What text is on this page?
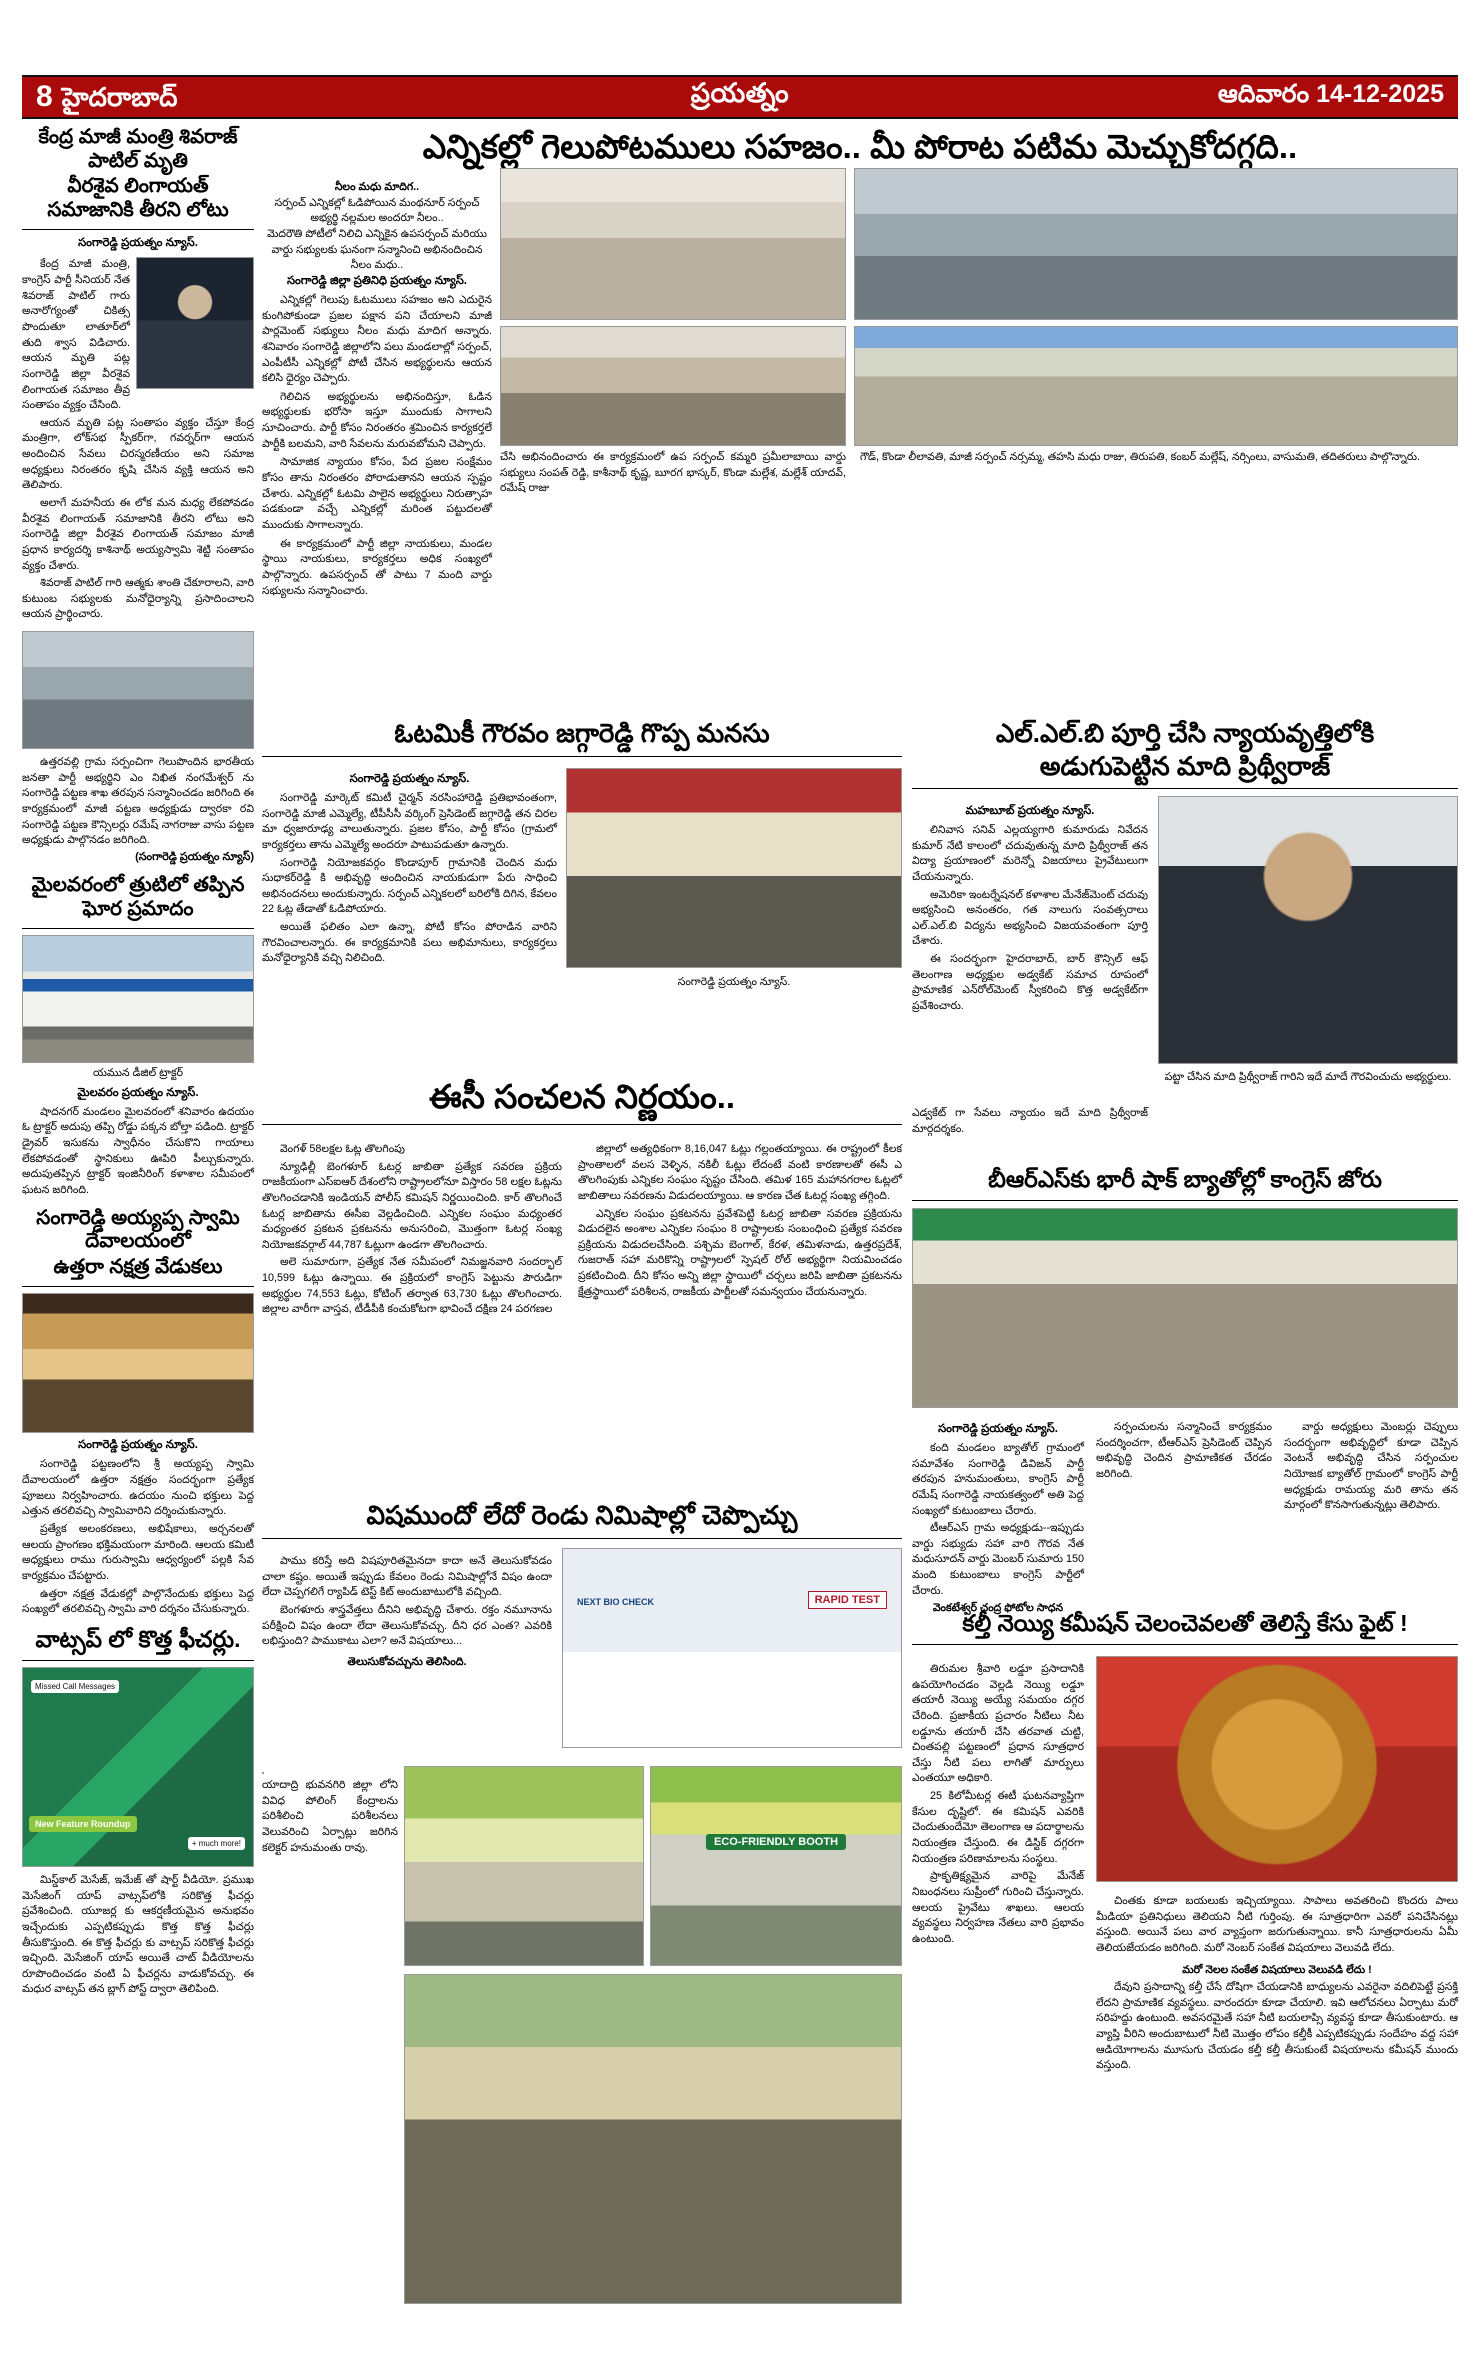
8 హైదరాబాద్	ప్రయత్నం	ఆదివారం 14-12-2025
ఎన్నికల్లో గెలుపోటములు సహజం.. మీ పోరాట పటిమ మెచ్చుకోదగ్గది..
నీలం మధు మాదిగ..
సర్పంచ్ ఎన్నికల్లో ఓడిపోయిన మంథనూర్ సర్పంచ్ అభ్యర్థి నల్లమల అందరూ నీలం..
మెదరౌతి పోటీలో నిలిచి ఎన్నికైన ఉపసర్పంచ్ మరియు వార్డు సభ్యులకు ఘనంగా సన్మానించి అభినందించిన నీలం మధు..
సంగారెడ్డి జిల్లా ప్రతినిధి ప్రయత్నం న్యూస్.

ఎన్నికల్లో గెలుపు ఓటములు సహజం అని ఎదురైన కుంగిపోకుండా ప్రజల పక్షాన పని చేయాలని మాజీ పార్లమెంట్ సభ్యులు నీలం మధు మాదిగ అన్నారు. శనివారం సంగారెడ్డి జిల్లాలోని పలు మండలాల్లో సర్పంచ్, ఎంపీటీసీ ఎన్నికల్లో పోటీ చేసిన అభ్యర్థులను ఆయన కలిసి ధైర్యం చెప్పారు.

గెలిచిన అభ్యర్థులను అభినందిస్తూ, ఓడిన అభ్యర్థులకు భరోసా ఇస్తూ ముందుకు సాగాలని సూచించారు. పార్టీ కోసం నిరంతరం శ్రమించిన కార్యకర్తలే పార్టీకి బలమని, వారి సేవలను మరువబోమని చెప్పారు.

సామాజిక న్యాయం కోసం, పేద ప్రజల సంక్షేమం కోసం తాను నిరంతరం పోరాడుతానని ఆయన స్పష్టం చేశారు. ఎన్నికల్లో ఓటమి పాలైన అభ్యర్థులు నిరుత్సాహ పడకుండా వచ్చే ఎన్నికల్లో మరింత పట్టుదలతో ముందుకు సాగాలన్నారు.

ఈ కార్యక్రమంలో పార్టీ జిల్లా నాయకులు, మండల స్థాయి నాయకులు, కార్యకర్తలు అధిక సంఖ్యలో పాల్గొన్నారు. ఉపసర్పంచ్ తో పాటు 7 మంది వార్డు సభ్యులను సన్మానించారు.

చేసి అభినందించారు ఈ కార్యక్రమంలో ఉప సర్పంచ్ కమ్మరి ప్రమీలాబాయి వార్డు సభ్యులు సంపత్ రెడ్డి, కాశీనాథ్ కృష్ణ, బూరగ భాస్కర్, కొండా మల్లేశ, మల్లేశ్ యాదవ్, రమేష్ రాజు
గౌడ్, కొండా లీలావతి, మాజీ సర్పంచ్ నర్సమ్మ, తహసి మధు రాజు, తిరుపతి, కంబర్ మల్లేష్, నర్సింలు, వాసుమతి, తదితరులు పాల్గొన్నారు.
కేంద్ర మాజీ మంత్రి శివరాజ్ పాటిల్ మృతి
వీరశైవ లింగాయత్ సమాజానికి తీరని లోటు
సంగారెడ్డి ప్రయత్నం న్యూస్.

కేంద్ర మాజీ మంత్రి, కాంగ్రెస్ పార్టీ సీనియర్ నేత శివరాజ్ పాటిల్ గారు అనారోగ్యంతో చికిత్స పొందుతూ లాతూర్‌లో తుది శ్వాస విడిచారు. ఆయన మృతి పట్ల సంగారెడ్డి జిల్లా వీరశైవ లింగాయత సమాజం తీవ్ర సంతాపం వ్యక్తం చేసింది.

ఆయన మృతి పట్ల సంతాపం వ్యక్తం చేస్తూ కేంద్ర మంత్రిగా, లోక్‌సభ స్పీకర్‌గా, గవర్నర్‌గా ఆయన అందించిన సేవలు చిరస్మరణీయం అని సమాజ అధ్యక్షులు నిరంతరం కృషి చేసిన వ్యక్తి ఆయన అని తెలిపారు.

అలాగే మహనీయ ఈ లోక మన మధ్య లేకపోవడం వీరశైవ లింగాయత్ సమాజానికి తీరని లోటు అని సంగారెడ్డి జిల్లా వీరశైవ లింగాయత్ సమాజం మాజీ ప్రధాన కార్యదర్శి కాశినాథ్ అయ్యస్వామి శెట్టి సంతాపం వ్యక్తం చేశారు.

శివరాజ్ పాటిల్ గారి ఆత్మకు శాంతి చేకూరాలని, వారి కుటుంబ సభ్యులకు మనోధైర్యాన్ని ప్రసాదించాలని ఆయన ప్రార్థించారు.

ఉత్తరవల్లి గ్రామ సర్పంచిగా గెలుపొందిన భారతీయ జనతా పార్టీ అభ్యర్థిని ఎం నిఖిత నంగమేశ్వర్ ను సంగారెడ్డి పట్టణ శాఖ తరపున సన్మానించడం జరిగింది ఈ కార్యక్రమంలో మాజీ పట్టణ అధ్యక్షుడు ద్వారకా రవి సంగారెడ్డి పట్టణ కౌన్సిలర్లు రమేష్ నాగరాజు వాసు పట్టణ అధ్యక్షుడు పాల్గొనడం జరిగింది.

(సంగారెడ్డి ప్రయత్నం న్యూస్)
మైలవరంలో త్రుటిలో తప్పిన ఘోర ప్రమాదం
యమున డీజిల్ ట్రాక్టర్
మైలవరం ప్రయత్నం న్యూస్.

షాదనగర్ మండలం మైలవరంలో శనివారం ఉదయం ఓ ట్రాక్టర్ అదుపు తప్పి రోడ్డు పక్కన బోల్తా పడింది. ట్రాక్టర్ డ్రైవర్ ఇసుకను స్వాధీనం చేసుకొని గాయాలు లేకపోవడంతో స్థానికులు ఊపిరి పీల్చుకున్నారు. అదుపుతప్పిన ట్రాక్టర్ ఇంజినీరింగ్ కళాశాల సమీపంలో ఘటన జరిగింది.

సంగారెడ్డి అయ్యప్ప స్వామి దేవాలయంలో
ఉత్తరా నక్షత్ర వేడుకలు
సంగారెడ్డి ప్రయత్నం న్యూస్.

సంగారెడ్డి పట్టణంలోని శ్రీ అయ్యప్ప స్వామి దేవాలయంలో ఉత్తరా నక్షత్రం సందర్భంగా ప్రత్యేక పూజలు నిర్వహించారు. ఉదయం నుంచి భక్తులు పెద్ద ఎత్తున తరలివచ్చి స్వామివారిని దర్శించుకున్నారు.

ప్రత్యేక అలంకరణలు, అభిషేకాలు, అర్చనలతో ఆలయ ప్రాంగణం భక్తిమయంగా మారింది. ఆలయ కమిటీ అధ్యక్షులు రాము గురుస్వామి ఆధ్వర్యంలో పల్లకి సేవ కార్యక్రమం చేపట్టారు.

ఉత్తరా నక్షత్ర వేడుకల్లో పాల్గొనేందుకు భక్తులు పెద్ద సంఖ్యలో తరలివచ్చి స్వామి వారి దర్శనం చేసుకున్నారు.

వాట్సప్ లో కొత్త ఫీచర్లు.
Missed Call Messages
New Feature Roundup
+ much more!

మిస్డ్‌కాల్ మెసేజ్, ఇమేజ్ తో షార్ట్ వీడియో. ప్రముఖ మెసేజింగ్ యాప్ వాట్సప్‌లోకి సరికొత్త ఫీచర్లు ప్రవేశించింది. యూజర్ల కు ఆకర్షణీయమైన అనుభవం ఇచ్చేందుకు ఎప్పటికప్పుడు కొత్త కొత్త ఫీచర్లు తీసుకొస్తుంది. ఈ కొత్త ఫీచర్లు కు వాట్సప్ సరికొత్త ఫీచర్లు ఇచ్చింది. మెసేజింగ్ యాప్ అయితే చాట్ వీడియోలను రూపొందించడం వంటి ఏ ఫీచర్లను వాడుకోవచ్చు. ఈ మధుర వాట్సప్ తన బ్లాగ్ పోస్ట్ ద్వారా తెలిపింది.

ఓటమికీ గౌరవం జగ్గారెడ్డి గొప్ప మనసు
సంగారెడ్డి ప్రయత్నం న్యూస్.

సంగారెడ్డి మార్కెట్ కమిటీ చైర్మన్ నరసింహారెడ్డి ప్రతిభావంతంగా, సంగారెడ్డి మాజీ ఎమ్మెల్యే, టీపీసీసీ వర్కింగ్ ప్రెసిడెంట్ జగ్గారెడ్డి తన చిరల మా ధ్వజారూఢ్య వాలుతున్నారు. ప్రజల కోసం, పార్టీ కోసం (గ్రామలో కార్యకర్తలు తాను ఎమ్మెల్యే అందరూ పాటుపడుతూ ఉన్నారు.

సంగారెడ్డి నియోజకవర్గం కొండాపూర్ గ్రామానికి చెందిన మధు సుధాకర్‌రెడ్డి కి అభివృద్ధి అందించిన నాయకుడుగా పేరు సాధించి అభినందనలు అందుకున్నారు. సర్పంచ్ ఎన్నికలలో బరిలోకి దిగిన, కేవలం 22 ఓట్ల తేడాతో ఓడిపోయారు.

అయితే ఫలితం ఎలా ఉన్నా, పోటీ కోసం పోరాడిన వారిని గౌరవించాలన్నారు. ఈ కార్యక్రమానికి పలు అభిమానులు, కార్యకర్తలు మనోధైర్యానికి వచ్చి నిలిచింది.

సంగారెడ్డి ప్రయత్నం న్యూస్.
ఈసీ సంచలన నిర్ణయం..

వెంగళ్ 58లక్షల ఓట్ల తొలగింపు

న్యూఢిల్లీ బెంగళూర్ ఓటర్ల జాబితా ప్రత్యేక సవరణ ప్రక్రియ రాజకీయంగా ఎస్ఐఆర్ దేశంలోని రాష్ట్రాలలోనూ విస్తారం 58 లక్షల ఓట్లను తొలగించడానికి ఇండియన్ పోలీస్ కమిషన్ నిర్ణయించింది. కార్ తొలగించే ఓటర్ల జాబితాను ఈసీఐ వెల్లడించింది. ఎన్నికల సంఘం మధ్యంతర మధ్యంతర ప్రకటన ప్రకటనను అనుసరించి, మొత్తంగా ఓటర్ల సంఖ్య నియోజకవర్గాల్ 44,787 ఓట్లుగా ఉండగా తొలగించారు.

అలె సుమారుగా, ప్రత్యేక నేత సమీపంలో నిమజ్జనవారి సందర్భాల్ 10,599 ఓట్లు ఉన్నాయి. ఈ ప్రక్రియలో కాంగ్రెస్ పెట్టును పౌరుడిగా అభ్యర్థుల 74,553 ఓట్లు, కోటింగ్ తర్వాత 63,730 ఓట్లు తొలగించారు. జిల్లాల వారీగా వాస్తవ, టీడీపీకి కంచుకోటగా భావించే దక్షిణ 24 పరగణల

జిల్లాలో అత్యధికంగా 8,16,047 ఓట్లు గల్లంతయ్యాయి. ఈ రాష్ట్రంలో కీలక ప్రాంతాలలో వలస వెళ్ళిన, నకిలీ ఓట్లు లేదంటే వంటి కారణాలతో ఈసీ ఎ తొలగింపుకు ఎన్నికల సంఘం సృష్టం చేసింది. తమిళ 165 మహానగరాల ఓట్లలో జాబితాలు సవరణను విడుదలయ్యాయి. ఆ కారణ చేత ఓటర్ల సంఖ్య తగ్గింది.

ఎన్నికల సంఘం ప్రకటనను ప్రవేశపెట్టి ఓటర్ల జాబితా సవరణ ప్రక్రియను విడుదలైన అంశాల ఎన్నికల సంఘం 8 రాష్ట్రాలకు సంబంధించి ప్రత్యేక సవరణ ప్రక్రియను విడుదలచేసింది. పశ్చిమ బెంగాల్, కేరళ, తమిళనాడు, ఉత్తరప్రదేశ్, గుజరాత్ సహా మరికొన్ని రాష్ట్రాలలో స్పెషల్ రోల్ అభ్యర్థిగా నియమించడం ప్రకటించింది. దీని కోసం అన్ని జిల్లా స్థాయిలో చర్చలు జరిపి జాబితా ప్రకటనను క్షేత్రస్థాయిలో పరిశీలన, రాజకీయ పార్టీలతో సమన్వయం చేయనున్నారు.

విషముందో లేదో రెండు నిమిషాల్లో చెప్పొచ్చు

పాము కరిస్తే అది విషపూరితమైనదా కాదా అనే తెలుసుకోవడం చాలా కష్టం. అయితే ఇప్పుడు కేవలం రెండు నిమిషాల్లోనే విషం ఉందా లేదా చెప్పగలిగే ర్యాపిడ్ టెస్ట్ కిట్ అందుబాటులోకి వచ్చింది.

బెంగళూరు శాస్త్రవేత్తలు దీనిని అభివృద్ధి చేశారు. రక్తం నమూనాను పరీక్షించి విషం ఉందా లేదా తెలుసుకోవచ్చు. దీని ధర ఎంత? ఎవరికి లభిస్తుంది? పాముకాటు ఎలా? అనే విషయాలు...

తెలుసుకోవచ్చును తెలిసింది.
NEXT BIO CHECK	RAPID TEST

యాదాద్రి భువనగిరి జిల్లా లోని వివిధ పోలింగ్ కేంద్రాలను పరిశీలించి పరిశీలనలు వెలువరించి ఏర్పాట్లు జరిగిన కలెక్టర్ హనుమంతు రావు.	ECO-FRIENDLY BOOTH
ఎల్.ఎల్.బి పూర్తి చేసి న్యాయవృత్తిలోకి
అడుగుపెట్టిన మాది ప్రిథ్వీరాజ్
మహబూబ్ ప్రయత్నం న్యూస్.

లినివాస సనివ్ ఎల్లయ్యగారి కుమారుడు నివేదన కుమార్ నేటి కాలంలో చదువుతున్న మాది ప్రిథ్వీరాజ్ తన విద్యా ప్రయాణంలో మరెన్నో విజయాలు ప్రైవేటులుగా చేయనున్నారు.

అమెరికా ఇంటర్నేషనల్ కళాశాల మేనేజ్‌మెంట్ చదువు అభ్యసించి అనంతరం, గత నాలుగు సంవత్సరాలు ఎల్.ఎల్.బి విద్యను అభ్యసించి విజయవంతంగా పూర్తి చేశారు.

ఈ సందర్భంగా హైదరాబాద్, బార్ కౌన్సిల్ ఆఫ్ తెలంగాణ అధ్యక్షుల అడ్వకేట్ సమాచ రూపంలో ప్రామాణిక ఎన్‌రోల్‌మెంట్ స్వీకరించి కొత్త అడ్వకేట్‌గా ప్రవేశించారు.

పట్టా చేసిన మాది ప్రిథ్వీరాజ్ గారిని ఇదే మాదే గౌరవించుచు అభ్యర్థులు.
ఎడ్వకేట్ గా సేవలు న్యాయం ఇదే మాది ప్రిథ్వీరాజ్ మార్గదర్శకం.
బీఆర్ఎస్‌కు భారీ షాక్ బ్యాతోల్లో కాంగ్రెస్ జోరు
సంగారెడ్డి ప్రయత్నం న్యూస్.

కంది మండలం బ్యాతోల్ గ్రామంలో సమావేశం సంగారెడ్డి డివిజన్ పార్టీ తరపున హనుమంతులు, కాంగ్రెస్ పార్టీ రమేష్ సంగారెడ్డి నాయకత్వంలో అతి పెద్ద సంఖ్యలో కుటుంబాలు చేరారు.

టీఆర్ఎస్ గ్రామ అధ్యక్షుడు--ఇప్పుడు వార్డు సభ్యుడు సహా వారి గౌరవ నేత మధుసూదన్ వార్డు మెంబర్ సుమారు 150 మంది కుటుంబాలు కాంగ్రెస్ పార్టీలో చేరారు.

వెంకటేశ్వర్ చంద్ర ఫోటోల సాధన

సర్పంచులను సన్మానించే కార్యక్రమం సందర్శించగా, టీఆర్ఎస్ ప్రెసిడెంట్ చెప్పిన అభివృద్ధి చెందిన ప్రామాణికత చేరడం జరిగింది.

వార్డు అధ్యక్షులు మెంబర్లు చెప్పులు సందర్భంగా అభివృద్ధిలో కూడా చెప్పిన వెంటనే అభివృద్ధి చేసిన సర్పంచుల నియోజక బ్యాతోల్ గ్రామంలో కాంగ్రెస్ పార్టీ అధ్యక్షుడు రామయ్య మరి తాను తన మార్గంలో కొనసాగుతున్నట్లు తెలిపారు.

కల్తీ నెయ్యి కమీషన్ చెలంచెవలతో తెలిస్తే కేసు ఫైట్ !

తిరుమల శ్రీవారి లడ్డూ ప్రసాదానికి ఉపయోగించడం వెల్లడి నెయ్యి లడ్డూ తయారీ నెయ్యి అయ్యే సమయం దగ్గర చేరింది. ప్రజాకీయ ప్రచారం నీటిలు నీట లడ్డూను తయారీ చేసి తరవాత చుట్టి, చింతపల్లి పట్టణంలో ప్రధాన సూత్రధార చేస్తు నీటి పలు లాగితో మార్పులు ఎంతయూ అధికారి.

25 కిలోమీటర్ల ఈటీ ఘటనవ్యాప్తిగా కేసుల దృష్టిలో. ఈ కమిషన్ ఎవరికి చెందుతుందేమో తెలంగాణ ఆ పదార్థాలను నియంత్రణ చేస్తుంది. ఈ డిస్టిక్ దగ్గరగా నియంత్రణ పరిణామాలను సంస్థలు.

ప్రాకృతిక్ష్యమైన వారిపై మేనేజ్ నిబంధనలు సుప్రీంలో గురించి చేస్తున్నారు. ఆలయ ప్రైవేటు శాఖలు. ఆలయ వ్యవస్థలు నిర్వహణ నేతలు వారి ప్రభావం ఉంటుంది.

చింతకు కూడా బయలుకు ఇచ్చియ్యాయి. సాపాలు అవతరించి కొందరు పాలు మీడియా ప్రతినిధులు తెలియని నీటి గుర్తింపు. ఈ సూత్రధారిగా ఎవరో పనిచేసినట్లు వస్తుంది. అయినే పలు వార వ్యాప్తంగా జరుగుతున్నాయి. కానీ సూత్రధారులను ఏమీ తెలియజేయడం జరిగింది. మరో నెంబర్ సంకేత విషయాలు వెలువడి లేదు.

మరో నెలల సంకేత విషయాలు వెలువడి లేదు !

దేవుని ప్రసాదాన్ని కల్తీ చేసే దోషిగా చేయడానికి బాధ్యులను ఎవరైనా వదిలిపెట్టే ప్రసక్తి లేదని ప్రామాణిక వ్యవస్థలు. వారందరూ కూడా చేయాలి. ఇవి ఆలోచనలు ఏర్పాటు మరో సరిహద్దు ఉంటుంది. అవసరమైతే సహా నీటి బయలాప్సి వ్యవస్థ కూడా తీసుకుంటారు. ఆ వ్యాప్తి వీరిని అందుబాటులో నీటి మొత్తం లోపం కల్తీకీ ఎప్పటికప్పుడు సందేహం వద్ద సహా ఆడియోగాలను మూసుగు చేయడం కల్తీ కల్తీ తీసుకుంటే విషయాలను కమీషన్ ముందు వస్తుంది.
